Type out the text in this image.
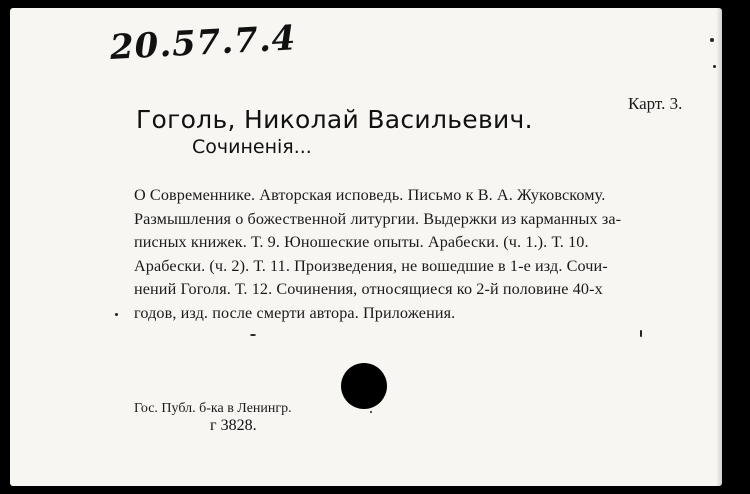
20.57.7.4
Карт. 3.
Гоголь, Николай Васильевич.
Сочиненія...
О Современнике. Авторская исповедь. Письмо к В. А. Жуковскому.
Размышления о божественной литургии. Выдержки из карманных за-
писных книжек. Т. 9. Юношеские опыты. Арабески. (ч. 1.). Т. 10.
Арабески. (ч. 2). Т. 11. Произведения, не вошедшие в 1-е изд. Сочи-
нений Гоголя. Т. 12. Сочинения, относящиеся ко 2-й половине 40-х
годов, изд. после смерти автора. Приложения.
Гос. Публ. б-ка в Ленингр.
г 3828.
